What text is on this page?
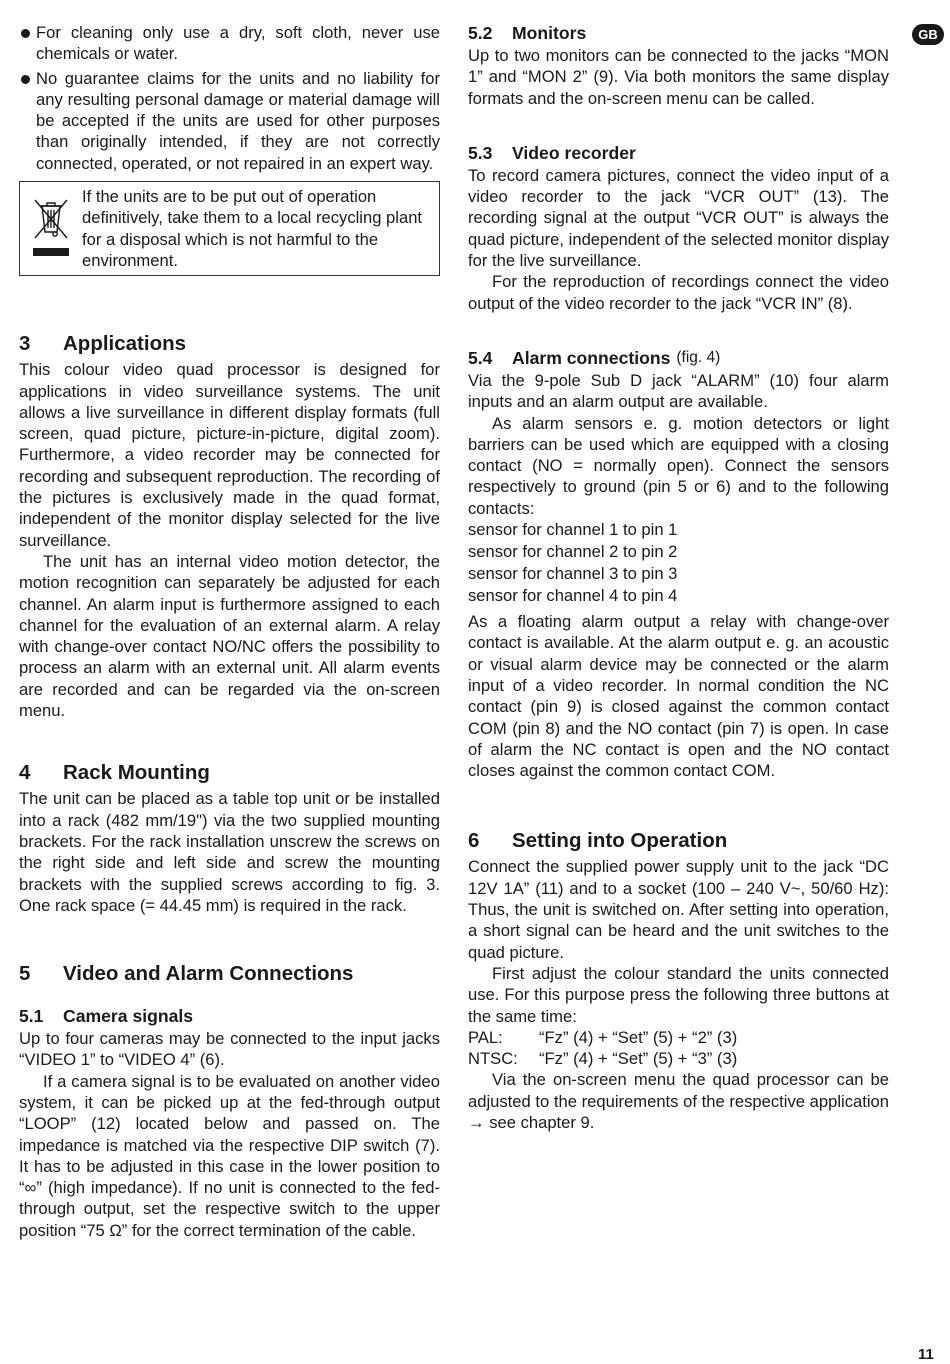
GB
For cleaning only use a dry, soft cloth, never use chemicals or water.
No guarantee claims for the units and no liability for any resulting personal damage or material damage will be accepted if the units are used for other purposes than originally intended, if they are not correctly connected, operated, or not repaired in an expert way.
If the units are to be put out of operation definitively, take them to a local recycling plant for a disposal which is not harmful to the environment.
3	Applications

This colour video quad processor is designed for applications in video surveillance systems. The unit allows a live surveillance in different display formats (full screen, quad picture, picture-in-picture, digital zoom). Furthermore, a video recorder may be connected for recording and subsequent reproduction. The recording of the pictures is exclusively made in the quad format, independent of the monitor display selected for the live surveillance.

The unit has an internal video motion detector, the motion recognition can separately be adjusted for each channel. An alarm input is furthermore assigned to each channel for the evaluation of an external alarm. A relay with change-over contact NO/NC offers the possibility to process an alarm with an external unit. All alarm events are recorded and can be regarded via the on-screen menu.

4	Rack Mounting

The unit can be placed as a table top unit or be installed into a rack (482 mm/19") via the two supplied mounting brackets. For the rack installation unscrew the screws on the right side and left side and screw the mounting brackets with the supplied screws according to fig. 3. One rack space (= 44.45 mm) is required in the rack.

5	Video and Alarm Connections
5.1	Camera signals

Up to four cameras may be connected to the input jacks “VIDEO 1” to “VIDEO 4” (6).

If a camera signal is to be evaluated on another video system, it can be picked up at the fed-through output “LOOP” (12) located below and passed on. The impedance is matched via the respective DIP switch (7). It has to be adjusted in this case in the lower position to “∞” (high impedance). If no unit is connected to the fed-through output, set the respective switch to the upper position “75 Ω” for the correct termination of the cable.

5.2	Monitors

Up to two monitors can be connected to the jacks “MON 1” and “MON 2” (9). Via both monitors the same display formats and the on-screen menu can be called.

5.3	Video recorder

To record camera pictures, connect the video input of a video recorder to the jack “VCR OUT” (13). The recording signal at the output “VCR OUT” is always the quad picture, independent of the selected monitor display for the live surveillance.

For the reproduction of recordings connect the video output of the video recorder to the jack “VCR IN” (8).

5.4	Alarm connections (fig. 4)

Via the 9-pole Sub D jack “ALARM” (10) four alarm inputs and an alarm output are available.

As alarm sensors e. g. motion detectors or light barriers can be used which are equipped with a closing contact (NO = normally open). Connect the sensors respectively to ground (pin 5 or 6) and to the following contacts:

sensor for channel 1 to pin 1

sensor for channel 2 to pin 2

sensor for channel 3 to pin 3

sensor for channel 4 to pin 4

As a floating alarm output a relay with change-over contact is available. At the alarm output e. g. an acoustic or visual alarm device may be connected or the alarm input of a video recorder. In normal condition the NC contact (pin 9) is closed against the common contact COM (pin 8) and the NO contact (pin 7) is open. In case of alarm the NC contact is open and the NO contact closes against the common contact COM.

6	Setting into Operation

Connect the supplied power supply unit to the jack “DC 12V 1A” (11) and to a socket (100 – 240 V~, 50/60 Hz): Thus, the unit is switched on. After setting into operation, a short signal can be heard and the unit switches to the quad picture.

First adjust the colour standard the units connected use. For this purpose press the following three buttons at the same time:

PAL:	“Fz” (4) + “Set” (5) + “2” (3)
NTSC:	“Fz” (4) + “Set” (5) + “3” (3)

Via the on-screen menu the quad processor can be adjusted to the requirements of the respective application → see chapter 9.

11
